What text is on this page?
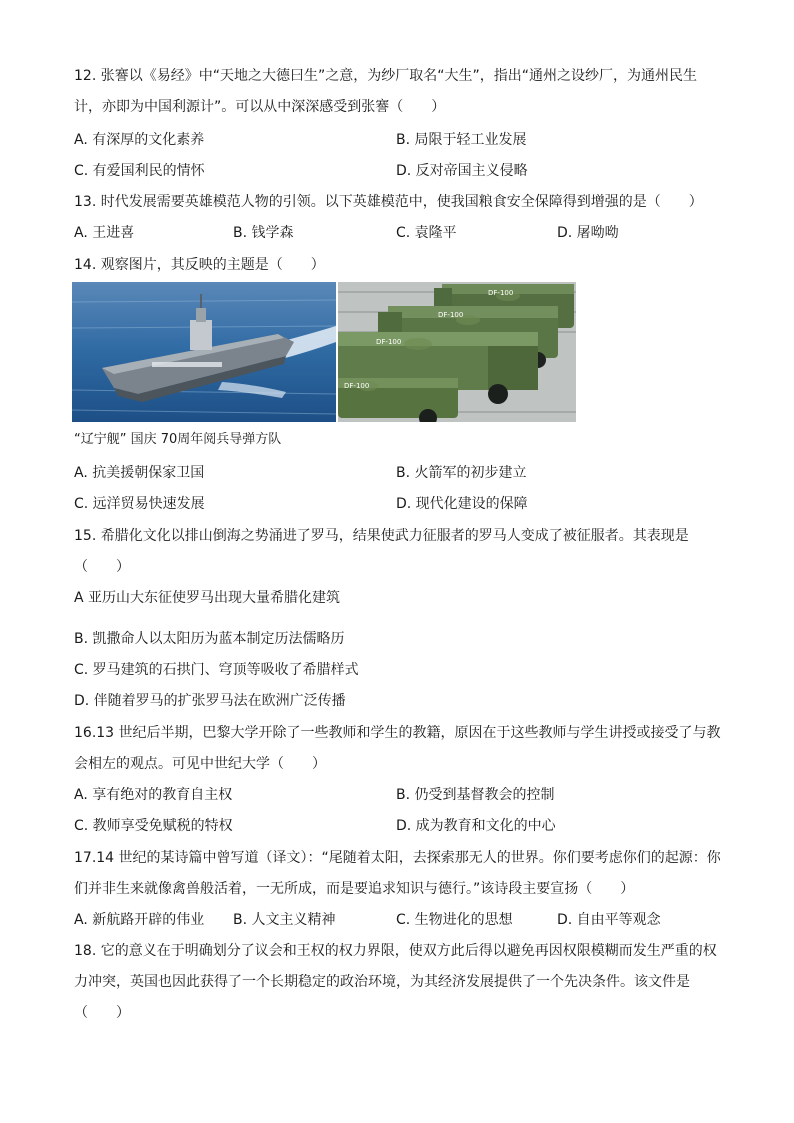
12. 张謇以《易经》中“天地之大德曰生”之意，为纱厂取名“大生”，指出“通州之设纱厂，为通州民生
计，亦即为中国利源计”。可以从中深深感受到张謇（　　）
A. 有深厚的文化素养	B. 局限于轻工业发展
C. 有爱国利民的情怀	D. 反对帝国主义侵略
13. 时代发展需要英雄模范人物的引领。以下英雄模范中，使我国粮食安全保障得到增强的是（　　）
A. 王进喜	B. 钱学森	C. 袁隆平	D. 屠呦呦
14. 观察图片，其反映的主题是（　　）
DF-100
DF-100
DF-100
DF-100
“辽宁舰” 国庆 70周年阅兵导弹方队
A. 抗美援朝保家卫国	B. 火箭军的初步建立
C. 远洋贸易快速发展	D. 现代化建设的保障
15. 希腊化文化以排山倒海之势涌进了罗马，结果使武力征服者的罗马人变成了被征服者。其表现是
（　　）
A 亚历山大东征使罗马出现大量希腊化建筑
B. 凯撒命人以太阳历为蓝本制定历法儒略历
C. 罗马建筑的石拱门、穹顶等吸收了希腊样式
D. 伴随着罗马的扩张罗马法在欧洲广泛传播
16.13 世纪后半期，巴黎大学开除了一些教师和学生的教籍，原因在于这些教师与学生讲授或接受了与教
会相左的观点。可见中世纪大学（　　）
A. 享有绝对的教育自主权	B. 仍受到基督教会的控制
C. 教师享受免赋税的特权	D. 成为教育和文化的中心
17.14 世纪的某诗篇中曾写道（译文）：“尾随着太阳，去探索那无人的世界。你们要考虑你们的起源：你
们并非生来就像禽兽般活着，一无所成，而是要追求知识与德行。”该诗段主要宣扬（　　）
A. 新航路开辟的伟业 B. 人文主义精神	C. 生物进化的思想	D. 自由平等观念
18. 它的意义在于明确划分了议会和王权的权力界限，使双方此后得以避免再因权限模糊而发生严重的权
力冲突，英国也因此获得了一个长期稳定的政治环境，为其经济发展提供了一个先决条件。该文件是
（　　）
